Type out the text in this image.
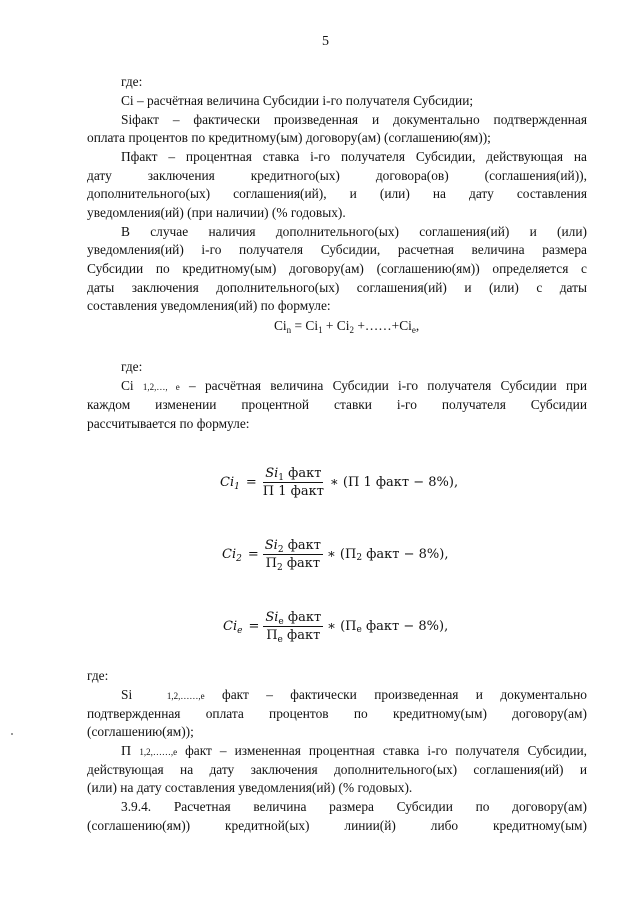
5
где:
Ci – расчётная величина Субсидии i-го получателя Субсидии;
Siфакт – фактически произведенная и документально подтвержденная
оплата процентов по кредитному(ым) договору(ам) (соглашению(ям));
Пфакт – процентная ставка i-го получателя Субсидии, действующая на
дату заключения кредитного(ых) договора(ов) (соглашения(ий)),
дополнительного(ых) соглашения(ий), и (или) на дату составления
уведомления(ий) (при наличии) (% годовых).
В случае наличия дополнительного(ых) соглашения(ий) и (или)
уведомления(ий) i-го получателя Субсидии, расчетная величина размера
Субсидии по кредитному(ым) договору(ам) (соглашению(ям)) определяется с
даты заключения дополнительного(ых) соглашения(ий) и (или) с даты
составления уведомления(ий) по формуле:
$Ci_n = Ci_1 + Ci_2$ $+\dots\dots+Ci_e$,
где:
Ci 1,2,…, e – расчётная величина Субсидии i-го получателя Субсидии при
каждом изменении процентной ставки i-го получателя Субсидии
рассчитывается по формуле:
$Ci_1 = \frac{Si_1 факт}{\text{П 1 факт}}$ ∗ (П
1
факт − 8%),
$Ci_2 = \frac{Si_2 факт}{П_2 факт}$ ∗ (П 2
факт − 8%),
$Ci_e = \frac{Si_e факт}{П_e факт}$ ∗ (П e
факт − 8%),
где:
Si	1,2,……,e факт – фактически произведенная и документально
подтвержденная оплата процентов по кредитному(ым) договору(ам)
(соглашению(ям));
П 1,2,……,e факт – измененная процентная ставка i-го получателя Субсидии,
действующая на дату заключения дополнительного(ых) соглашения(ий) и
(или) на дату составления уведомления(ий) (% годовых).
3.9.4. Расчетная величина размера Субсидии по договору(ам)
(соглашению(ям)) кредитной(ых) линии(й) либо кредитному(ым)
